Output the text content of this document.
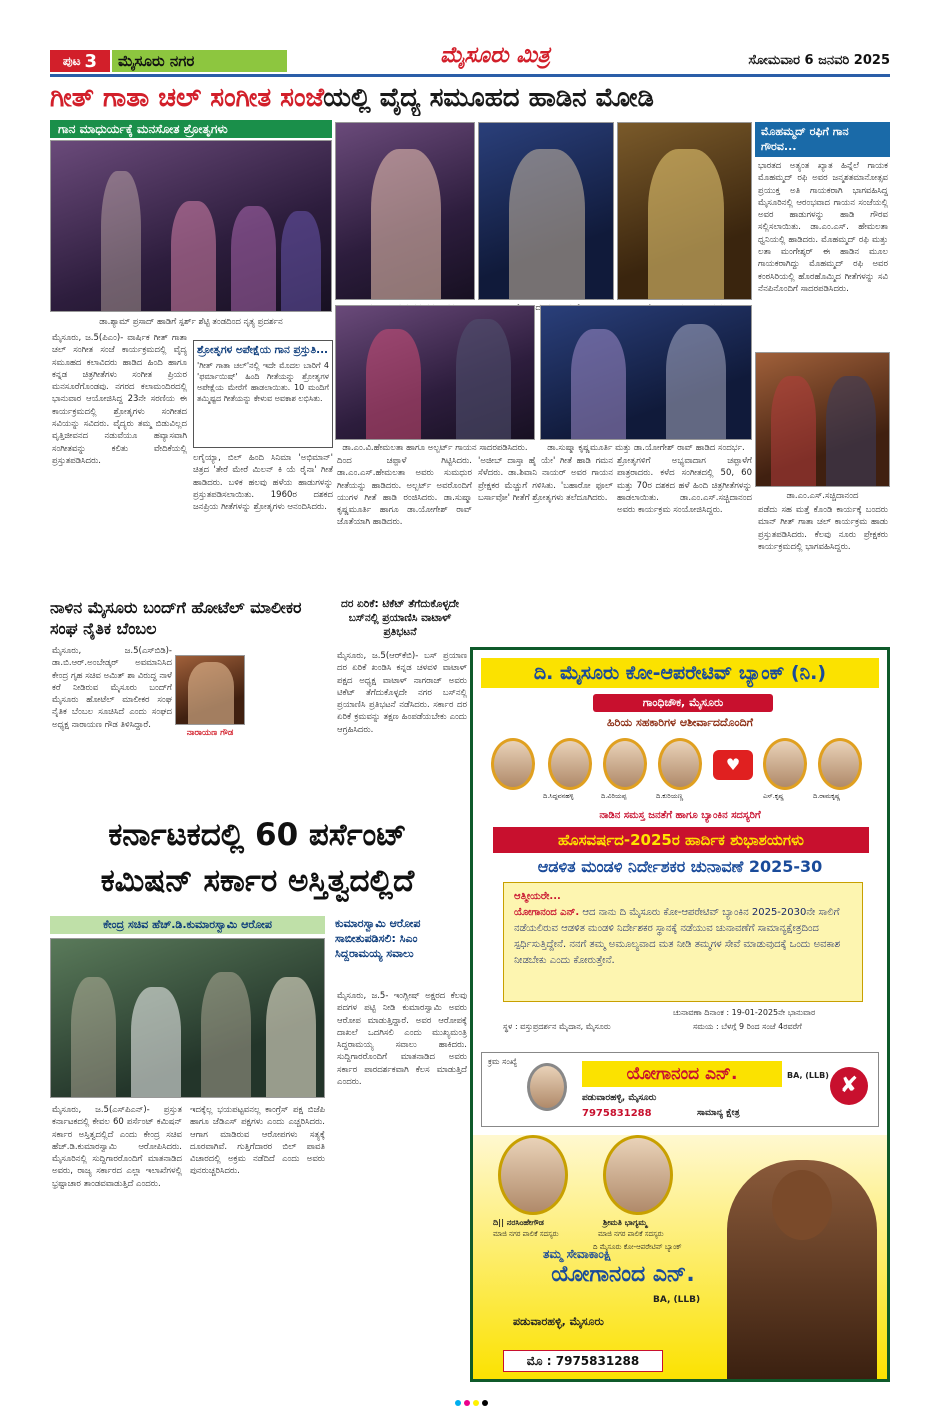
ಪುಟ 3	ಮೈಸೂರು ನಗರ	ಮೈಸೂರು ಮಿತ್ರ	ಸೋಮವಾರ 6 ಜನವರಿ 2025
ಗೀತ್ ಗಾತಾ ಚಲ್ ಸಂಗೀತ ಸಂಜೆಯಲ್ಲಿ ವೈದ್ಯ ಸಮೂಹದ ಹಾಡಿನ ಮೋಡಿ
ಗಾನ ಮಾಧುರ್ಯಕ್ಕೆ ಮನಸೋತ ಶ್ರೋತೃಗಳು
ಡಾ.ಶ್ಯಾಮ್ ಪ್ರಸಾದ್ ಹಾಡಿಗೆ ಸ್ಪರ್ಶ್ ಶೆಟ್ಟಿ ತಂಡದಿಂದ ನೃತ್ಯ ಪ್ರದರ್ಶನ
ಮೊಹಮ್ಮದ್ ರಫಿಗೆ ಗಾನ ಗೌರವ...
ಭಾರತದ ಅತ್ಯಂತ ಖ್ಯಾತ ಹಿನ್ನೆಲೆ ಗಾಯಕ ಮೊಹಮ್ಮದ್ ರಫಿ ಅವರ ಜನ್ಮಶತಮಾನೋತ್ಸವ ಪ್ರಯುಕ್ತ ಅತಿ ಗಾಯಕರಾಗಿ ಭಾಗವಹಿಸಿದ್ದ ಮೈಸೂರಿನಲ್ಲಿ ಆರಂಭವಾದ ಗಾಯನ ಸಂಜೆಯಲ್ಲಿ ಅವರ ಹಾಡುಗಳನ್ನು ಹಾಡಿ ಗೌರವ ಸಲ್ಲಿಸಲಾಯಿತು. ಡಾ.ಎಂ.ಎಸ್. ಹೇಮಲತಾ ಧ್ವನಿಯಲ್ಲಿ ಹಾಡಿದರು. ಮೊಹಮ್ಮದ್ ರಫಿ ಮತ್ತು ಲತಾ ಮಂಗೇಶ್ಕರ್ ಈ ಹಾಡಿನ ಮೂಲ ಗಾಯಕರಾಗಿದ್ದು ಮೊಹಮ್ಮದ್ ರಫಿ ಅವರ ಕಂಠಸಿರಿಯಲ್ಲಿ ಹೊರಹೊಮ್ಮಿದ ಗೀತೆಗಳನ್ನು ಸವಿ ನೆನಪಿನೊಂದಿಗೆ ಸಾದರಪಡಿಸಿದರು.
ಡಾ.ಎಂ.ಎಸ್.ಸಚ್ಚಿದಾನಂದ
ಪಡೆದು ಸಹ ಮತ್ತೆ ಕೊಂಡಿ ಕಾರ್ಯಕ್ಕೆ ಬಂದರು ಮಾನ್ ಗೀತ್ ಗಾತಾ ಚಲ್ ಕಾರ್ಯಕ್ರಮ ಹಾಡು ಪ್ರಸ್ತುತಪಡಿಸಿದರು. ಕೆಲವು ನೂರು ಪ್ರೇಕ್ಷಕರು ಕಾರ್ಯಕ್ರಮದಲ್ಲಿ ಭಾಗವಹಿಸಿದ್ದರು.
ಡಾ.ಎಂ.ವಿ.ಹೇಮಲತಾ ಹಾಗೂ ಅಲ್ಬರ್ಟ್ ಗಾಯನ ಸಾದರಪಡಿಸಿದರು.	ಡಾ.ಸುಷ್ಮಾ ಕೃಷ್ಣಮೂರ್ತಿ ಮತ್ತು ಡಾ.ಯೋಗೇಶ್ ರಾವ್ ಹಾಡಿದ ಸಂದರ್ಭ.
ಶ್ರೋತೃಗಳ ಅಪೇಕ್ಷೆಯ ಗಾನ ಪ್ರಸ್ತುತಿ...
'ಗೀತ್ ಗಾತಾ ಚಲ್'ನಲ್ಲಿ ಇದೇ ಮೊದಲ ಬಾರಿಗೆ 4 'ಫರ್ಮಾಯಿಷ್' ಹಿಂದಿ ಗೀತೆಯನ್ನು ಶ್ರೋತೃಗಳ ಅಪೇಕ್ಷೆಯ ಮೇರೆಗೆ ಹಾಡಲಾಯಿತು. 10 ಮಂದಿಗೆ ತಮ್ಮಿಷ್ಟದ ಗೀತೆಯನ್ನು ಕೇಳುವ ಅವಕಾಶ ಲಭಿಸಿತು.
ಮೈಸೂರು, ಜ.5(ಪಿಎಂ)- ವಾರ್ಷಿಕ ಗೀತ್ ಗಾತಾ ಚಲ್ ಸಂಗೀತ ಸಂಜೆ ಕಾರ್ಯಕ್ರಮದಲ್ಲಿ ವೈದ್ಯ ಸಮೂಹದ ಕಲಾವಿದರು ಹಾಡಿದ ಹಿಂದಿ ಹಾಗೂ ಕನ್ನಡ ಚಿತ್ರಗೀತೆಗಳು ಸಂಗೀತ ಪ್ರಿಯರ ಮನಸೂರೆಗೊಂಡವು. ನಗರದ ಕಲಾಮಂದಿರದಲ್ಲಿ ಭಾನುವಾರ ಆಯೋಜಿಸಿದ್ದ 23ನೇ ಸರಣಿಯ ಈ ಕಾರ್ಯಕ್ರಮದಲ್ಲಿ ಶ್ರೋತೃಗಳು ಸಂಗೀತದ ಸವಿಯನ್ನು ಸವಿದರು. ವೈದ್ಯರು ತಮ್ಮ ಬಿಡುವಿಲ್ಲದ ವೃತ್ತಿಜೀವನದ ನಡುವೆಯೂ ಹವ್ಯಾಸವಾಗಿ ಸಂಗೀತವನ್ನು ಕಲಿತು ವೇದಿಕೆಯಲ್ಲಿ ಪ್ರಸ್ತುತಪಡಿಸಿದರು.	ಲಗೈಯ್ಯಾ, ಬಿಲ್ ಹಿಂದಿ ಸಿನಿಮಾ 'ಅಭಿಮಾನ್' ಚಿತ್ರದ 'ತೇರೆ ಮೇರೆ ಮಿಲನ್ ಕಿ ಯೆ ರೈನಾ' ಗೀತೆ ಹಾಡಿದರು. ಬಳಿಕ ಹಲವು ಹಳೆಯ ಹಾಡುಗಳನ್ನು ಪ್ರಸ್ತುತಪಡಿಸಲಾಯಿತು. 1960ರ ದಶಕದ ಜನಪ್ರಿಯ ಗೀತೆಗಳನ್ನು ಶ್ರೋತೃಗಳು ಆನಂದಿಸಿದರು.
ದಿಂದ ಚಪ್ಪಾಳೆ ಗಿಟ್ಟಿಸಿದರು. ಡಾ.ಎಂ.ಎಸ್.ಹೇಮಲತಾ ಅವರು ಸುಮಧುರ ಗೀತೆಯನ್ನು ಹಾಡಿದರು. ಅಲ್ಬರ್ಟ್ ಅವರೊಂದಿಗೆ ಯುಗಳ ಗೀತೆ ಹಾಡಿ ರಂಜಿಸಿದರು. ಡಾ.ಸುಷ್ಮಾ ಕೃಷ್ಣಮೂರ್ತಿ ಹಾಗೂ ಡಾ.ಯೋಗೇಶ್ ರಾವ್ ಜೊತೆಯಾಗಿ ಹಾಡಿದರು.
'ಅಜೀಬ್ ದಾಸ್ತಾ ಹೈ ಯೇ' ಗೀತೆ ಹಾಡಿ ಗಮನ ಸೆಳೆದರು. ಡಾ.ಶಿವಾನಿ ನಾಯರ್ ಅವರ ಗಾಯನ ಪ್ರೇಕ್ಷಕರ ಮೆಚ್ಚುಗೆ ಗಳಿಸಿತು. 'ಬಹಾರೋ ಫೂಲ್ ಬರ್ಸಾವೋ' ಗೀತೆಗೆ ಶ್ರೋತೃಗಳು ತಲೆದೂಗಿದರು.
ಶ್ರೋತೃಗಳಿಗೆ ಅಭ್ಯವಾದಾಗ ಚಪ್ಪಾಳೆಗೆ ಪಾತ್ರರಾದರು. ಕಳೆದ ಸಂಗೀತದಲ್ಲಿ 50, 60 ಮತ್ತು 70ರ ದಶಕದ ಹಳೆ ಹಿಂದಿ ಚಿತ್ರಗೀತೆಗಳನ್ನು ಹಾಡಲಾಯಿತು. ಡಾ.ಎಂ.ಎಸ್.ಸಚ್ಚಿದಾನಂದ ಅವರು ಕಾರ್ಯಕ್ರಮ ಸಂಯೋಜಿಸಿದ್ದರು.
ನಾಳಿನ ಮೈಸೂರು ಬಂದ್‌ಗೆ ಹೋಟೆಲ್ ಮಾಲೀಕರ ಸಂಘ ನೈತಿಕ ಬೆಂಬಲ
ಮೈಸೂರು, ಜ.5(ಎಸ್‌ಬಿಡಿ)- ಡಾ.ಬಿ.ಆರ್.ಅಂಬೇಡ್ಕರ್ ಅವಮಾನಿಸಿದ ಕೇಂದ್ರ ಗೃಹ ಸಚಿವ ಅಮಿತ್ ಶಾ ವಿರುದ್ಧ ನಾಳೆ ಕರೆ ನೀಡಿರುವ ಮೈಸೂರು ಬಂದ್‌ಗೆ ಮೈಸೂರು ಹೋಟೆಲ್ ಮಾಲೀಕರ ಸಂಘ ನೈತಿಕ ಬೆಂಬಲ ಸೂಚಿಸಿದೆ ಎಂದು ಸಂಘದ ಅಧ್ಯಕ್ಷ ನಾರಾಯಣ ಗೌಡ ತಿಳಿಸಿದ್ದಾರೆ.
ನಾರಾಯಣ ಗೌಡ
ದರ ಏರಿಕೆ: ಟಿಕೆಟ್ ತೆಗೆದುಕೊಳ್ಳದೇ ಬಸ್‌ನಲ್ಲಿ ಪ್ರಯಾಣಿಸಿ ವಾಟಾಳ್ ಪ್ರತಿಭಟನೆ
ಮೈಸೂರು, ಜ.5(ಆರ್‌ಕೆಬಿ)- ಬಸ್ ಪ್ರಯಾಣ ದರ ಏರಿಕೆ ಖಂಡಿಸಿ ಕನ್ನಡ ಚಳವಳಿ ವಾಟಾಳ್ ಪಕ್ಷದ ಅಧ್ಯಕ್ಷ ವಾಟಾಳ್ ನಾಗರಾಜ್ ಅವರು ಟಿಕೆಟ್ ತೆಗೆದುಕೊಳ್ಳದೇ ನಗರ ಬಸ್‌ನಲ್ಲಿ ಪ್ರಯಾಣಿಸಿ ಪ್ರತಿಭಟನೆ ನಡೆಸಿದರು. ಸರ್ಕಾರ ದರ ಏರಿಕೆ ಕ್ರಮವನ್ನು ತಕ್ಷಣ ಹಿಂಪಡೆಯಬೇಕು ಎಂದು ಆಗ್ರಹಿಸಿದರು.
ಕರ್ನಾಟಕದಲ್ಲಿ 60 ಪರ್ಸೆಂಟ್
ಕಮಿಷನ್ ಸರ್ಕಾರ ಅಸ್ತಿತ್ವದಲ್ಲಿದೆ
ಕೇಂದ್ರ ಸಚಿವ ಹೆಚ್.ಡಿ.ಕುಮಾರಸ್ವಾಮಿ ಆರೋಪ	ಕುಮಾರಸ್ವಾಮಿ ಆರೋಪ ಸಾಬೀತುಪಡಿಸಲಿ: ಸಿಎಂ ಸಿದ್ದರಾಮಯ್ಯ ಸವಾಲು
ಮೈಸೂರು, ಜ.5- ಇಂಗ್ಲೀಷ್ ಅಕ್ಷರದ ಕೆಲವು ಪದಗಳ ಪಟ್ಟಿ ನೀಡಿ ಕುಮಾರಸ್ವಾಮಿ ಅವರು ಆರೋಪ ಮಾಡುತ್ತಿದ್ದಾರೆ. ಅವರ ಆರೋಪಕ್ಕೆ ದಾಖಲೆ ಒದಗಿಸಲಿ ಎಂದು ಮುಖ್ಯಮಂತ್ರಿ ಸಿದ್ದರಾಮಯ್ಯ ಸವಾಲು ಹಾಕಿದರು. ಸುದ್ದಿಗಾರರೊಂದಿಗೆ ಮಾತನಾಡಿದ ಅವರು ಸರ್ಕಾರ ಪಾರದರ್ಶಕವಾಗಿ ಕೆಲಸ ಮಾಡುತ್ತಿದೆ ಎಂದರು.
ಮೈಸೂರು, ಜ.5(ಎಸ್‌ಪಿಎನ್)- ಪ್ರಸ್ತುತ ಕರ್ನಾಟಕದಲ್ಲಿ ಕೇವಲ 60 ಪರ್ಸೆಂಟ್ ಕಮಿಷನ್ ಸರ್ಕಾರ ಅಸ್ತಿತ್ವದಲ್ಲಿದೆ ಎಂದು ಕೇಂದ್ರ ಸಚಿವ ಹೆಚ್.ಡಿ.ಕುಮಾರಸ್ವಾಮಿ ಆರೋಪಿಸಿದರು. ಮೈಸೂರಿನಲ್ಲಿ ಸುದ್ದಿಗಾರರೊಂದಿಗೆ ಮಾತನಾಡಿದ ಅವರು, ರಾಜ್ಯ ಸರ್ಕಾರದ ಎಲ್ಲಾ ಇಲಾಖೆಗಳಲ್ಲಿ ಭ್ರಷ್ಟಾಚಾರ ತಾಂಡವವಾಡುತ್ತಿದೆ ಎಂದರು.
ಇದಕ್ಕೆಲ್ಲ ಭಯಪಟ್ಟವನಲ್ಲ ಕಾಂಗ್ರೆಸ್ ಪಕ್ಷ ಬಿಜೆಪಿ ಹಾಗೂ ಜೆಡಿಎಸ್ ಪಕ್ಷಗಳು ಎಂದು ಎಚ್ಚರಿಸಿದರು. ಆಗಾಗ ಮಾಡಿರುವ ಆರೋಪಗಳು ಸತ್ಯಕ್ಕೆ ದೂರವಾಗಿವೆ. ಗುತ್ತಿಗೆದಾರರ ಬಿಲ್ ಪಾವತಿ ವಿಚಾರದಲ್ಲಿ ಅಕ್ರಮ ನಡೆದಿದೆ ಎಂದು ಅವರು ಪುನರುಚ್ಚರಿಸಿದರು.
ದಿ. ಮೈಸೂರು ಕೋ-ಆಪರೇಟಿವ್ ಬ್ಯಾಂಕ್ (ನಿ.)
ಗಾಂಧಿಚೌಕ, ಮೈಸೂರು
ಹಿರಿಯ ಸಹಕಾರಿಗಳ ಆಶೀರ್ವಾದದೊಂದಿಗೆ
ದಿ.ಸಿದ್ದವನಹಳ್ಳಿ	ದಿ.ವಿರಿಯಪ್ಪ	ದಿ.ಕುರಿಯಣ್ಣ
♥
ಎಸ್.ಕೃಷ್ಣ	ದಿ.ರಾಮಕೃಷ್ಣ
ನಾಡಿನ ಸಮಸ್ತ ಜನತೆಗೆ ಹಾಗೂ ಬ್ಯಾಂಕಿನ ಸದಸ್ಯರಿಗೆ
ಹೊಸವರ್ಷದ-2025ರ ಹಾರ್ದಿಕ ಶುಭಾಶಯಗಳು
ಆಡಳಿತ ಮಂಡಳಿ ನಿರ್ದೇಶಕರ ಚುನಾವಣೆ 2025-30
ಆತ್ಮೀಯರೇ...
ಯೋಗಾನಂದ ಎನ್. ಆದ ನಾನು ದಿ ಮೈಸೂರು ಕೋ-ಆಪರೇಟಿವ್ ಬ್ಯಾಂಕಿನ 2025-2030ನೇ ಸಾಲಿಗೆ ನಡೆಯಲಿರುವ ಆಡಳಿತ ಮಂಡಳಿ ನಿರ್ದೇಶಕರ ಸ್ಥಾನಕ್ಕೆ ನಡೆಯುವ ಚುನಾವಣೆಗೆ ಸಾಮಾನ್ಯಕ್ಷೇತ್ರದಿಂದ ಸ್ಪರ್ಧಿಸುತ್ತಿದ್ದೇನೆ. ನನಗೆ ತಮ್ಮ ಅಮೂಲ್ಯವಾದ ಮತ ನೀಡಿ ತಮ್ಮಗಳ ಸೇವೆ ಮಾಡುವುದಕ್ಕೆ ಒಂದು ಅವಕಾಶ ನೀಡಬೇಕು ಎಂದು ಕೋರುತ್ತೇನೆ.
ಚುನಾವಣಾ ದಿನಾಂಕ : 19-01-2025ನೇ ಭಾನುವಾರ
ಸ್ಥಳ : ವಸ್ತುಪ್ರದರ್ಶನ ಮೈದಾನ, ಮೈಸೂರು	ಸಮಯ : ಬೆಳಗ್ಗೆ 9 ರಿಂದ ಸಂಜೆ 4ರವರೆಗೆ
ಕ್ರಮ ಸಂಖ್ಯೆ
ಯೋಗಾನಂದ ಎನ್.	BA, (LLB)
ಪಡುವಾರಹಳ್ಳಿ, ಮೈಸೂರು
7975831288	ಸಾಮಾನ್ಯ ಕ್ಷೇತ್ರ
✘
ದಿ|| ನರಸಿಂಹೇಗೌಡ
ಮಾಜಿ ನಗರ ಪಾಲಿಕೆ ಸದಸ್ಯರು
ಶ್ರೀಮತಿ ಭಾಗ್ಯಮ್ಮ
ಮಾಜಿ ನಗರ ಪಾಲಿಕೆ ಸದಸ್ಯರು
ದಿ ಮೈಸೂರು ಕೋ-ಆಪರೇಟಿವ್ ಬ್ಯಾಂಕ್
ತಮ್ಮ ಸೇವಾಕಾಂಕ್ಷಿ
ಯೋಗಾನಂದ ಎನ್.
BA, (LLB)
ಪಡುವಾರಹಳ್ಳಿ, ಮೈಸೂರು
ಮೊ : 7975831288
